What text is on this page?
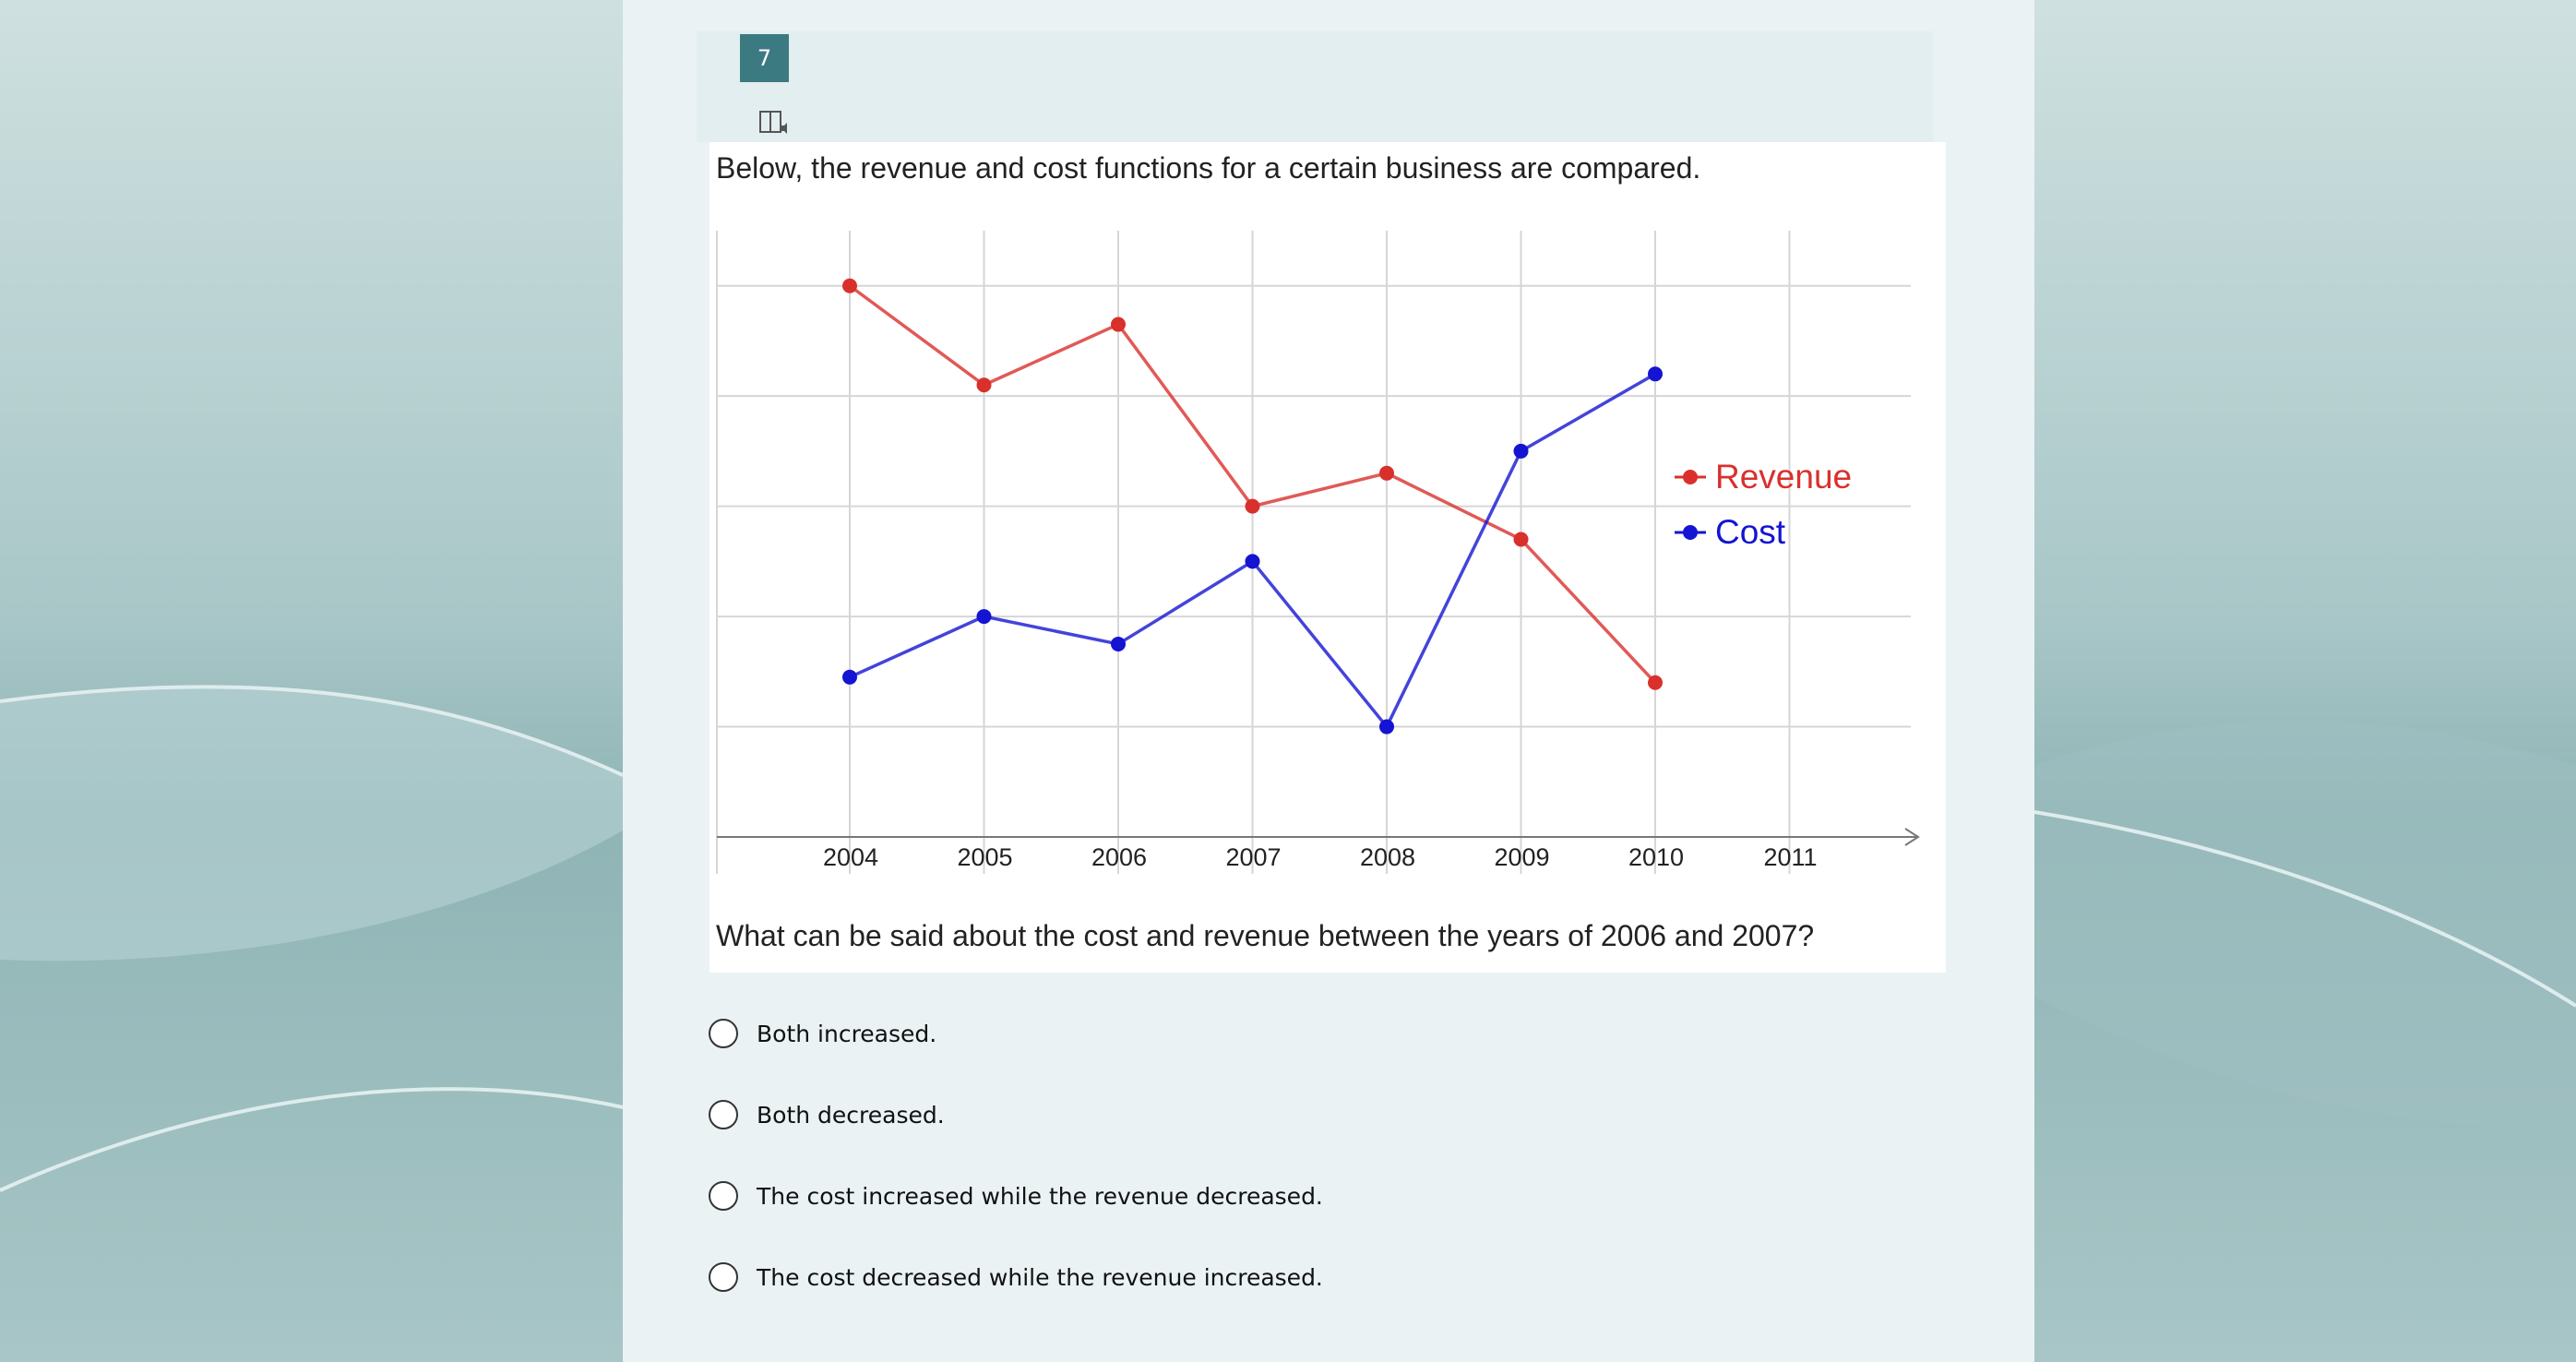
7
Below, the revenue and cost functions for a certain business are compared.
2004	2005	2006	2007	2008	2009	2010	2011
Revenue
Cost
What can be said about the cost and revenue between the years of 2006 and 2007?
Both increased.
Both decreased.
The cost increased while the revenue decreased.
The cost decreased while the revenue increased.
